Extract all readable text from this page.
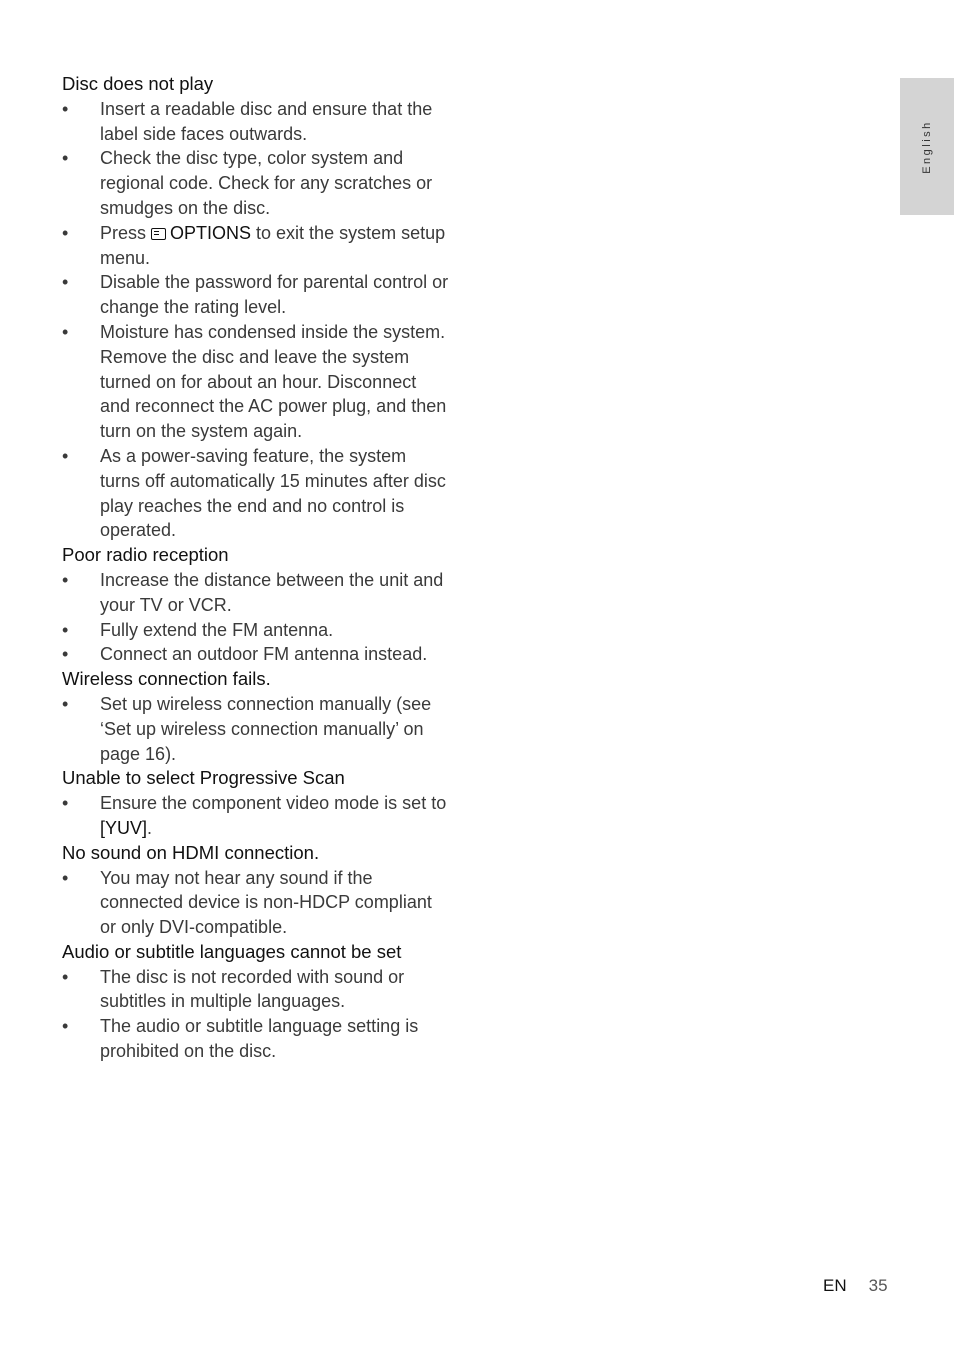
English
Disc does not play
• Insert a readable disc and ensure that the label side faces outwards.
• Check the disc type, color system and regional code. Check for any scratches or smudges on the disc.
• Press OPTIONS to exit the system setup menu.
• Disable the password for parental control or change the rating level.
• Moisture has condensed inside the system. Remove the disc and leave the system turned on for about an hour. Disconnect and reconnect the AC power plug, and then turn on the system again.
• As a power-saving feature, the system turns off automatically 15 minutes after disc play reaches the end and no control is operated.
Poor radio reception
• Increase the distance between the unit and your TV or VCR.
• Fully extend the FM antenna.
• Connect an outdoor FM antenna instead.
Wireless connection fails.
• Set up wireless connection manually (see ‘Set up wireless connection manually’ on page 16).
Unable to select Progressive Scan
• Ensure the component video mode is set to [YUV].
No sound on HDMI connection.
• You may not hear any sound if the connected device is non-HDCP compliant or only DVI-compatible.
Audio or subtitle languages cannot be set
• The disc is not recorded with sound or subtitles in multiple languages.
• The audio or subtitle language setting is prohibited on the disc.
EN 35
